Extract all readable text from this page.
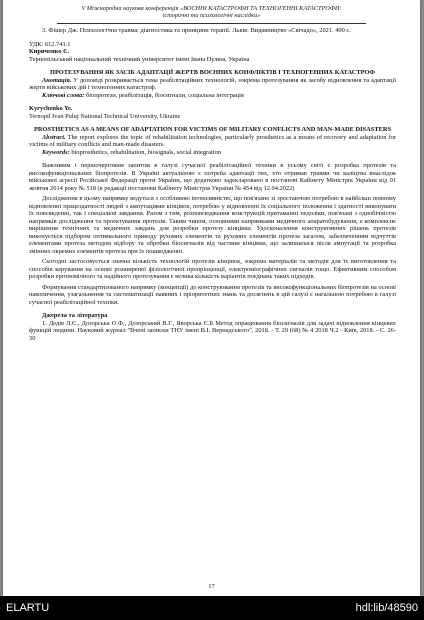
V Міжнародна наукова конференція «ВОСННІ КАТАСТРОФИ ТА ТЕХНОГЕННІ КАТАСТРОФИ:
історичні та психологічні наслідки»

3. Фішер Дж. Психологічна травма: діагностика та принципи терапії. Львів: Видавництво «Свічадо», 2021. 400 с.

УДК: 612.741.1

Кириченко Є.

Тернопільський національний технічний університет імені Івана Пулюя, Україна

ПРОТЕЗУВАННЯ ЯК ЗАСІБ АДАПТАЦІЇ ЖЕРТВ ВОЄННИХ КОНФЛІКТІВ І ТЕХНОГЕННИХ КАТАСТРОФ

Анотація. У доповіді розкривається тема реабілітаційних технологій, зокрема протезування як засобу відновлення та адаптації жертв військових дій і техногенних катастроф.

Ключові слова: біопротези, реабілітація, біосигнали, соціальна інтеграція

Kyrychenko Ye.

Ternopil Ivan Puluj National Technical University, Ukraine

PROSTHETICS AS A MEANS OF ADAPTATION FOR VICTIMS OF MILITARY CONFLICTS AND MAN-MADE DISASTERS

Abstract. The report explores the topic of rehabilitation technologies, particularly prosthetics as a means of recovery and adaptation for victims of military conflicts and man-made disasters.

Keywords: bioprosthetics, rehabilitation, biosignals, social integration

Важливим і першочерговим запитом в галузі сучасної реабілітаційної техніки в усьому світі є розробка протезів та високофункціональних біопротезів. В Україні актуальною є потреба адаптації тих, хто отримав травми чи каліцтва внаслідок військової агресії Російської Федерації проти України, що додатково задекларовано в постанові Кабінету Міністрів України від 01 жовтня 2014 року № 518 (в редакції постанови Кабінету Міністрів України № 454 від 12.04.2022)

Дослідження в цьому напрямку ведуться з особливою інтенсивністю, що пов'язано зі зростаючою потребою в найбільш повному відновленні працездатності людей з ампутаціями кінцівок, потребою у відновленні їх соціального положення і здатності виконувати їх повсякденні, так і спеціальні завдання. Разом з тим, розповсюдження конструкцій притаманні недоліки, пов'язані з однобічністю напрямків дослідження та проектування протезів. Таким чином, основними напрямками медичного апаратобудування, є комплексне вирішення технічних та медичних завдань для розробки протезу кінцівки. Удосконалення конструктивних рішень протезів виконується підбором оптимального приводу рухомих елементів та рухомих елементів протеза загалом, забезпеченням відчуттів елементами протеза методом відбору та обробки біосигналів від частини кінцівки, що залишилася після ампутації та розробка змінних окремих елементів протеза при їх пошкодженні.

Сьогодні застосовується значна кількість технологій протезів кінцівок, зокрема матеріалів та методів для їх виготовлення та способів керування на основі розширеної фізіологічної пропріоцепції, електроміографічних сигналів тощо. Ефективним способом розробки ергономічного та надійного протезування є велика кількість варіантів поєднань таких підходів.

Формування стандартизованого напрямку (концепції) до конструювання протезів та високофункціональних біопротезів на основі накопичення, узагальнення та систематизації наявних і пріоритетних знань та досягнень в цій галузі є нагальною потребою в галузі сучасної реабілітаційної техніки.

Джерела та література

1. Дедів Л.Є., Дозорська О.Ф., Дозорський В.Г., Яворська Є.Б Метод опрацювання біосигналів для задачі відновлення кінцевих функцій людини. Науковий журнал "Вчені записки ТНУ імені В.І. Вернадського", 2018. - Т. 29 (68) № 4 2018 Ч.2 - Київ, 2018. - С. 26-30

17
ELARTU	hdl:lib/48590
